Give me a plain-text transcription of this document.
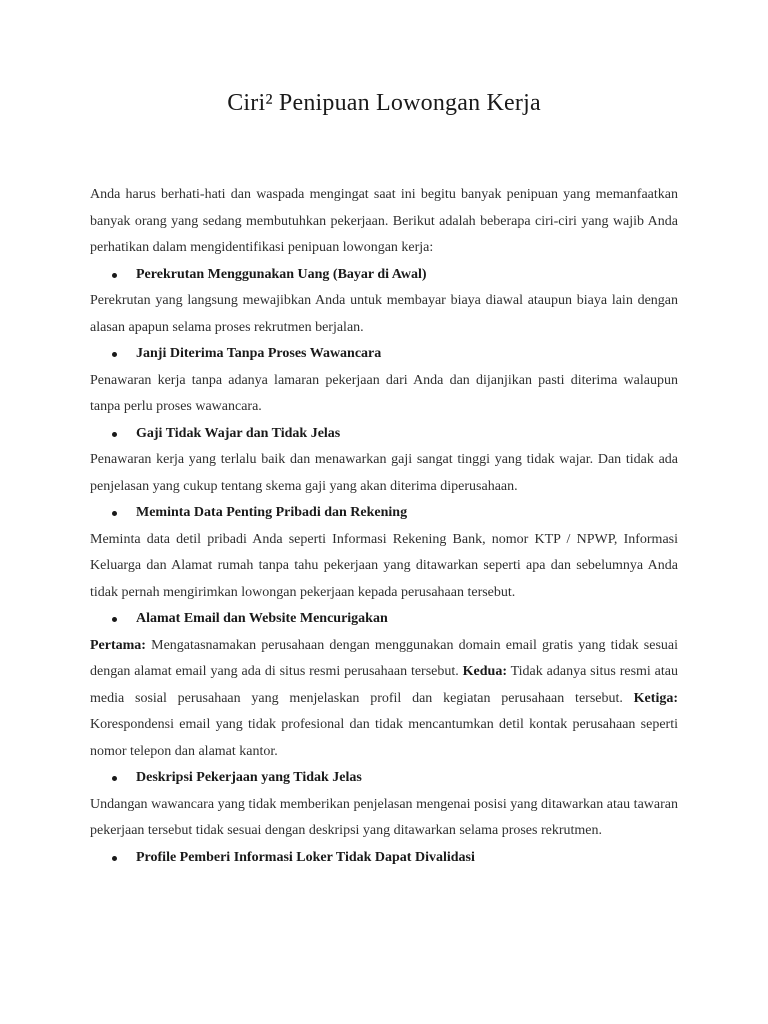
Ciri² Penipuan Lowongan Kerja

Anda harus berhati-hati dan waspada mengingat saat ini begitu banyak penipuan yang memanfaatkan banyak orang yang sedang membutuhkan pekerjaan. Berikut adalah beberapa ciri-ciri yang wajib Anda perhatikan dalam mengidentifikasi penipuan lowongan kerja:

Perekrutan Menggunakan Uang (Bayar di Awal)

Perekrutan yang langsung mewajibkan Anda untuk membayar biaya diawal ataupun biaya lain dengan alasan apapun selama proses rekrutmen berjalan.

Janji Diterima Tanpa Proses Wawancara

Penawaran kerja tanpa adanya lamaran pekerjaan dari Anda dan dijanjikan pasti diterima walaupun tanpa perlu proses wawancara.

Gaji Tidak Wajar dan Tidak Jelas

Penawaran kerja yang terlalu baik dan menawarkan gaji sangat tinggi yang tidak wajar. Dan tidak ada penjelasan yang cukup tentang skema gaji yang akan diterima diperusahaan.

Meminta Data Penting Pribadi dan Rekening

Meminta data detil pribadi Anda seperti Informasi Rekening Bank, nomor KTP / NPWP, Informasi Keluarga dan Alamat rumah tanpa tahu pekerjaan yang ditawarkan seperti apa dan sebelumnya Anda tidak pernah mengirimkan lowongan pekerjaan kepada perusahaan tersebut.

Alamat Email dan Website Mencurigakan

Pertama: Mengatasnamakan perusahaan dengan menggunakan domain email gratis yang tidak sesuai dengan alamat email yang ada di situs resmi perusahaan tersebut. Kedua: Tidak adanya situs resmi atau media sosial perusahaan yang menjelaskan profil dan kegiatan perusahaan tersebut. Ketiga: Korespondensi email yang tidak profesional dan tidak mencantumkan detil kontak perusahaan seperti nomor telepon dan alamat kantor.

Deskripsi Pekerjaan yang Tidak Jelas

Undangan wawancara yang tidak memberikan penjelasan mengenai posisi yang ditawarkan atau tawaran pekerjaan tersebut tidak sesuai dengan deskripsi yang ditawarkan selama proses rekrutmen.

Profile Pemberi Informasi Loker Tidak Dapat Divalidasi
